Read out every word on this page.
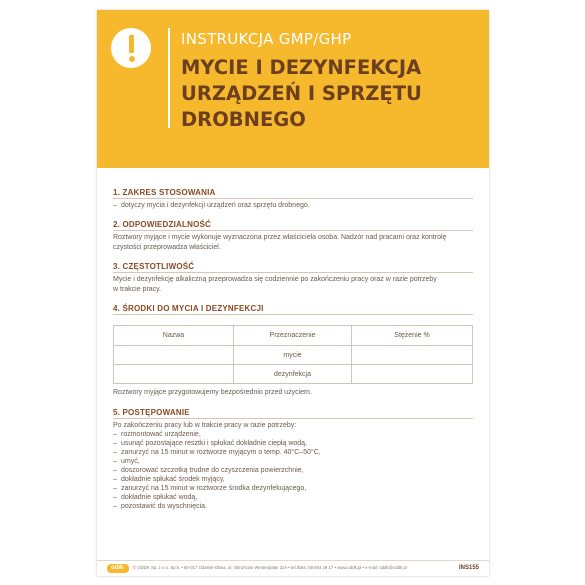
INSTRUKCJA GMP/GHP
MYCIE I DEZYNFEKCJA
URZĄDZEŃ I SPRZĘTU
DROBNEGO
1. ZAKRES STOSOWANIA
– dotyczy mycia i dezynfekcji urządzeń oraz sprzętu drobnego.
2. ODPOWIEDZIALNOŚĆ
Roztwory myjące i mycie wykonuje wyznaczona przez właściciela osoba. Nadzór nad pracami oraz kontrolę
czystości przeprowadza właściciel.
3. CZĘSTOTLIWOŚĆ
Mycie i dezynfekcję alkaliczną przeprowadza się codziennie po zakończeniu pracy oraz w razie potrzeby
w trakcie pracy.
4. ŚRODKI DO MYCIA I DEZYNFEKCJI
Nazwa	Przeznaczenie	Stężenie %
	mycie	
	dezynfekcja	
Roztwory myjące przygotowujemy bezpośrednio przed użyciem.
5. POSTĘPOWANIE
Po zakończeniu pracy lub w trakcie pracy w razie potrzeby:
– rozmontować urządzenie,
– usunąć pozostające resztki i spłukać dokładnie ciepłą wodą,
– zanurzyć na 15 minut w roztworze myjącym o temp. 40°C–50°C,
– umyć,
– doszorować szczotką trudne do czyszczenia powierzchnie,
– dokładnie spłukać środek myjący,
– zanurzyć na 15 minut w roztworze środka dezynfekującego,
– dokładnie spłukać wodą,
– pozostawić do wyschnięcia.
odik © ODDK Sp. z o.o. Sp.k. • 80-017 Gdańsk-Oliwa, ul. Obrońców Westerplatte 32A • tel./faks: 58 554 29 17 • www.oddk.pl • e-mail: oddk@oddk.pl	INS155
